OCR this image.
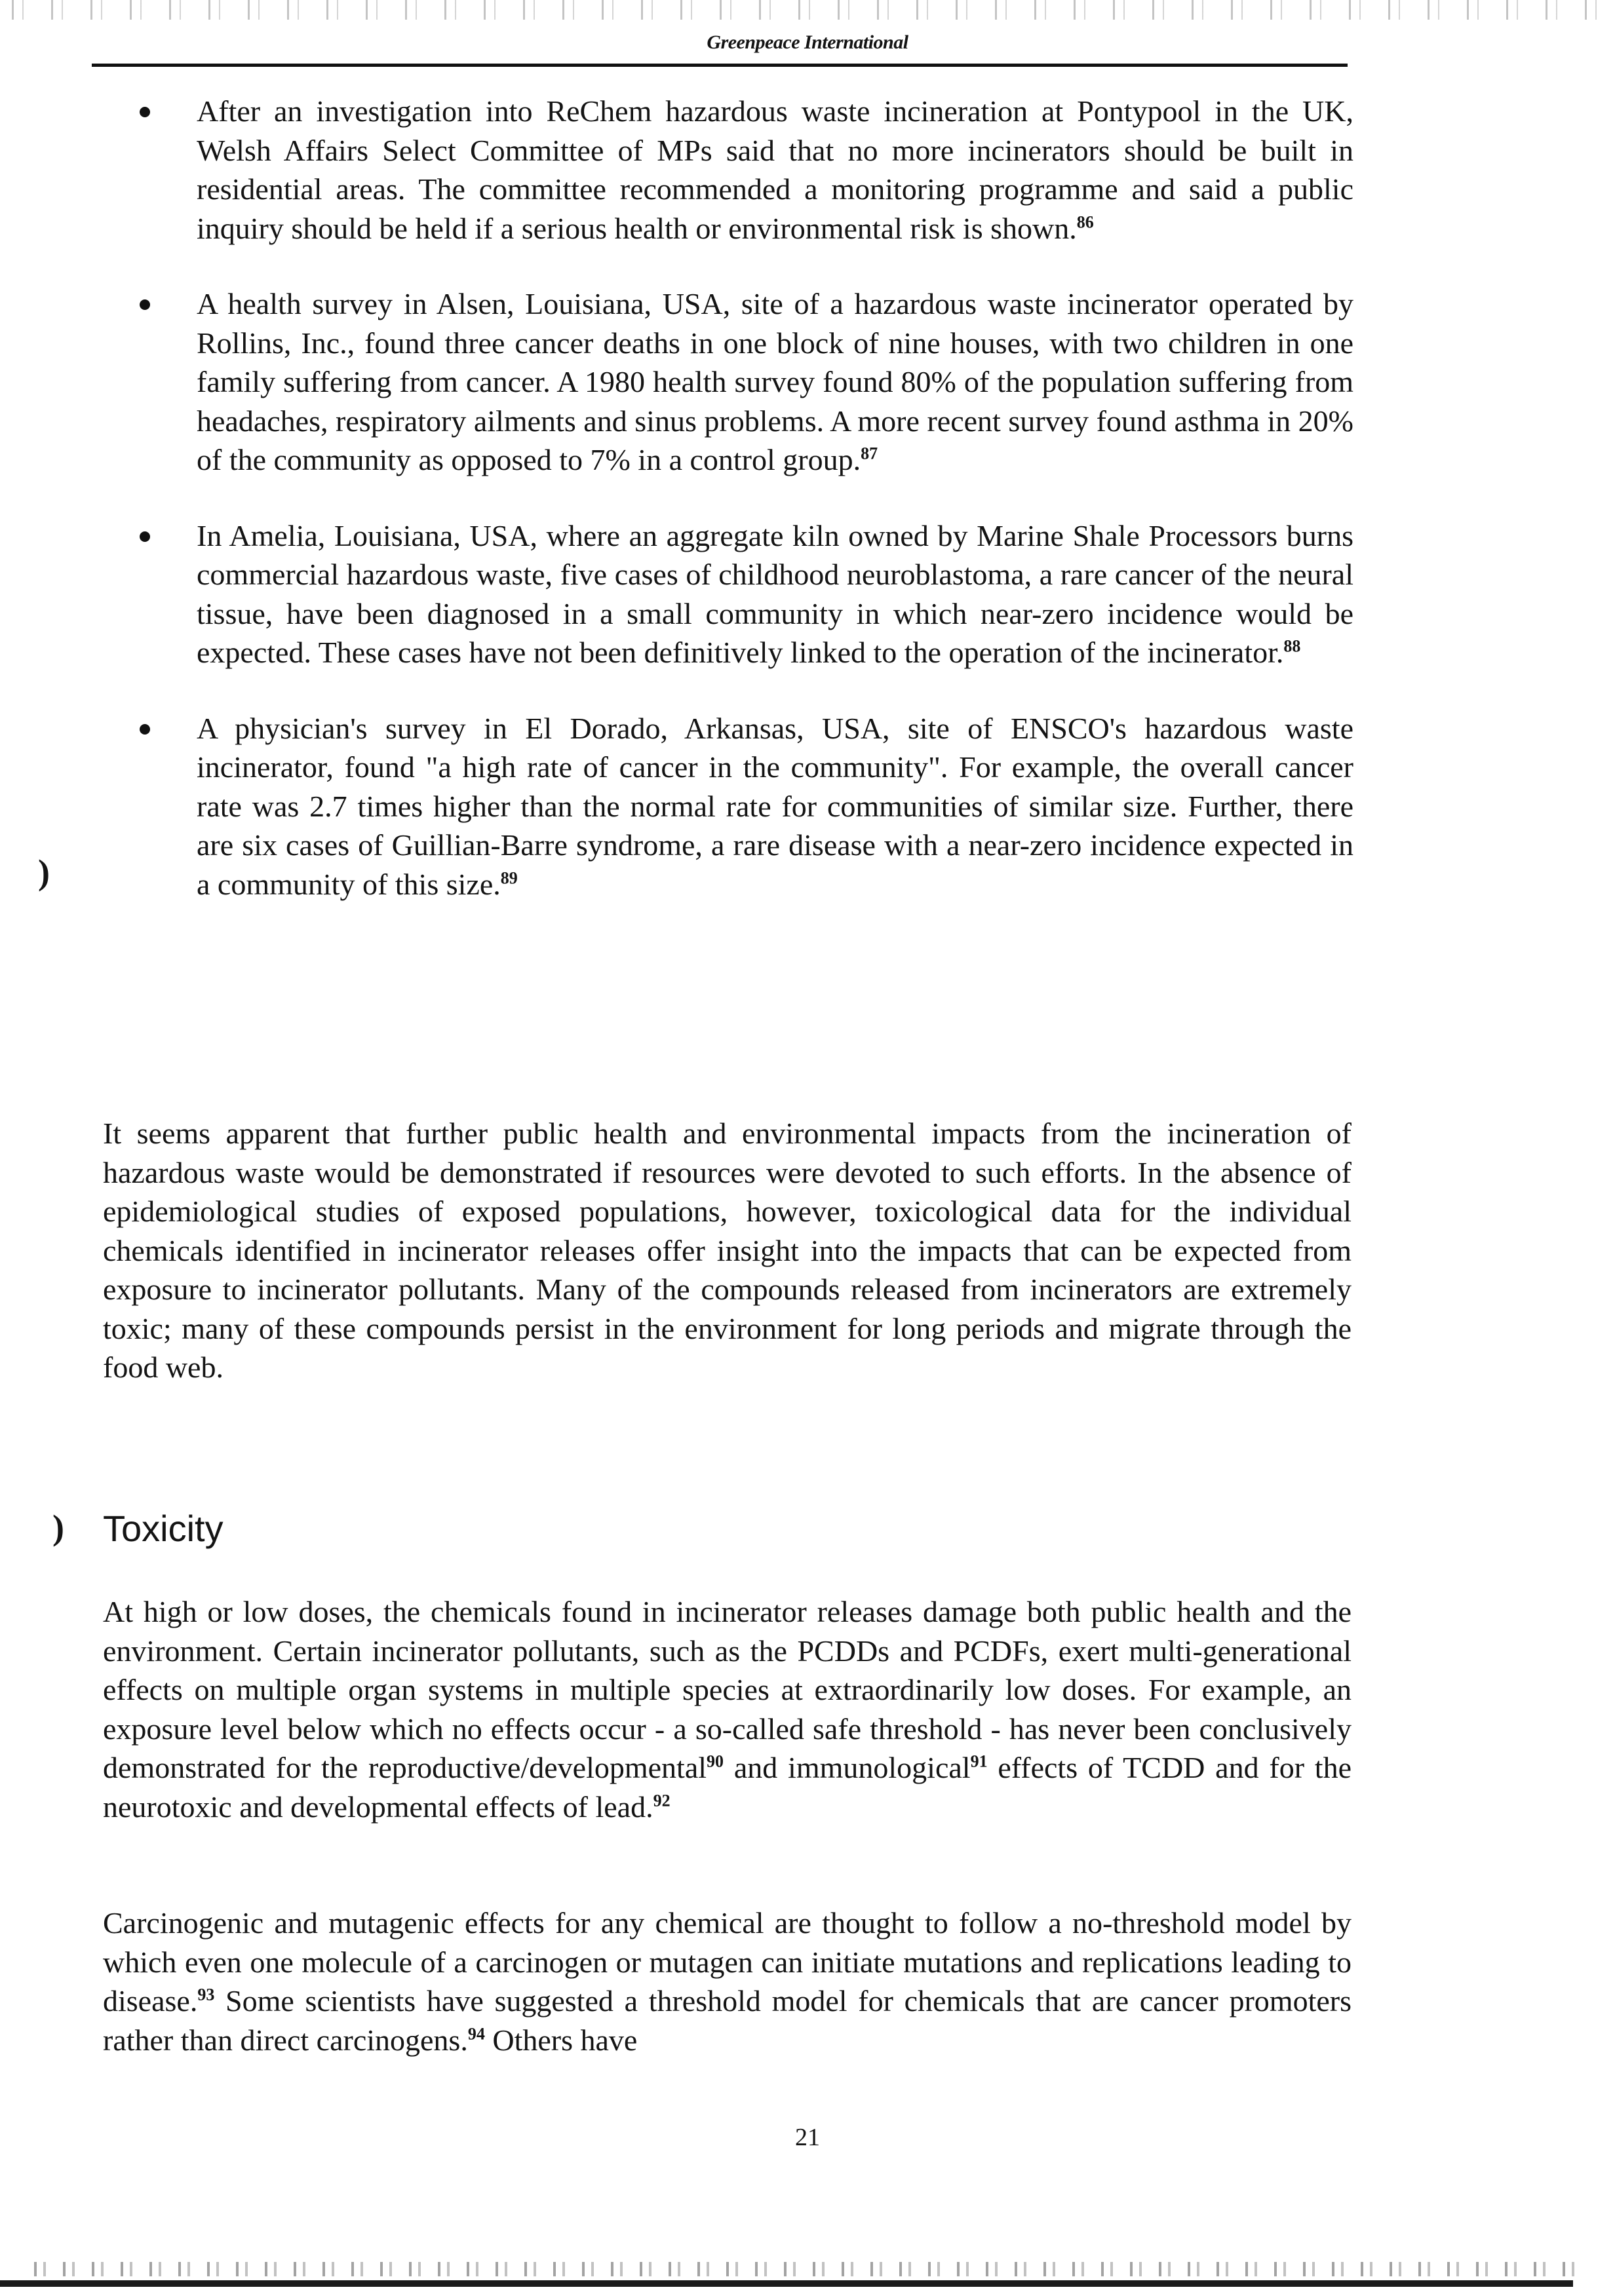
Greenpeace International
After an investigation into ReChem hazardous waste incineration at Pontypool in the UK, Welsh Affairs Select Committee of MPs said that no more incinerators should be built in residential areas. The committee recommended a monitoring programme and said a public inquiry should be held if a serious health or environmental risk is shown.$^{86}$
A health survey in Alsen, Louisiana, USA, site of a hazardous waste incinerator operated by Rollins, Inc., found three cancer deaths in one block of nine houses, with two children in one family suffering from cancer. A 1980 health survey found 80% of the population suffering from headaches, respiratory ailments and sinus problems. A more recent survey found asthma in 20% of the community as opposed to 7% in a control group.$^{87}$
In Amelia, Louisiana, USA, where an aggregate kiln owned by Marine Shale Processors burns commercial hazardous waste, five cases of childhood neuroblastoma, a rare cancer of the neural tissue, have been diagnosed in a small community in which near-zero incidence would be expected. These cases have not been definitively linked to the operation of the incinerator.$^{88}$
A physician's survey in El Dorado, Arkansas, USA, site of ENSCO's hazardous waste incinerator, found "a high rate of cancer in the community". For example, the overall cancer rate was 2.7 times higher than the normal rate for communities of similar size. Further, there are six cases of Guillian-Barre syndrome, a rare disease with a near-zero incidence expected in a community of this size.$^{89}$

It seems apparent that further public health and environmental impacts from the incineration of hazardous waste would be demonstrated if resources were devoted to such efforts. In the absence of epidemiological studies of exposed populations, however, toxicological data for the individual chemicals identified in incinerator releases offer insight into the impacts that can be expected from exposure to incinerator pollutants. Many of the compounds released from incinerators are extremely toxic; many of these compounds persist in the environment for long periods and migrate through the food web.

)
) Toxicity

At high or low doses, the chemicals found in incinerator releases damage both public health and the environment. Certain incinerator pollutants, such as the PCDDs and PCDFs, exert multi-generational effects on multiple organ systems in multiple species at extraordinarily low doses. For example, an exposure level below which no effects occur - a so-called safe threshold - has never been conclusively demonstrated for the reproductive/developmental$^{90}$ and immunological$^{91}$ effects of TCDD and for the neurotoxic and developmental effects of lead.$^{92}$

Carcinogenic and mutagenic effects for any chemical are thought to follow a no-threshold model by which even one molecule of a carcinogen or mutagen can initiate mutations and replications leading to disease.$^{93}$ Some scientists have suggested a threshold model for chemicals that are cancer promoters rather than direct carcinogens.$^{94}$ Others have

21
